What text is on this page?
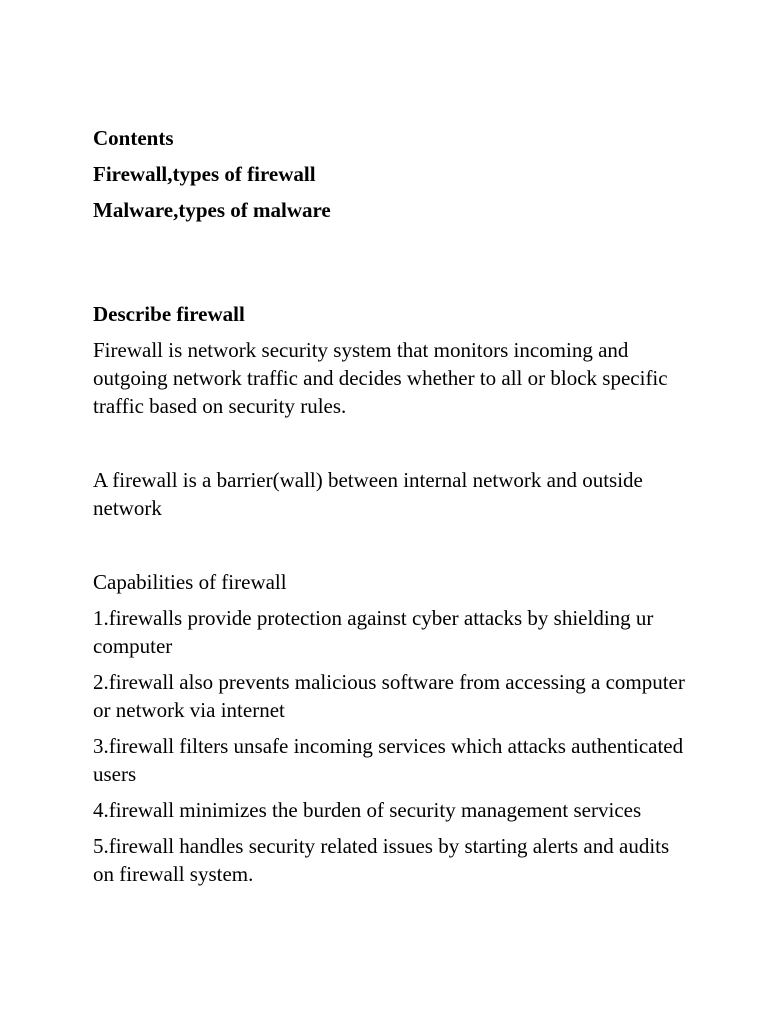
Contents

Firewall,types of firewall

Malware,types of malware

Describe firewall

Firewall is network security system that monitors incoming and outgoing network traffic and decides whether to all or block specific traffic based on security rules.

A firewall is a barrier(wall) between internal network and outside network

Capabilities of firewall

1.firewalls provide protection against cyber attacks by shielding ur computer

2.firewall also prevents malicious software from accessing a computer or network via internet

3.firewall filters unsafe incoming services which attacks authenticated users

4.firewall minimizes the burden of security management services

5.firewall handles security related issues by starting alerts and audits on firewall system.
